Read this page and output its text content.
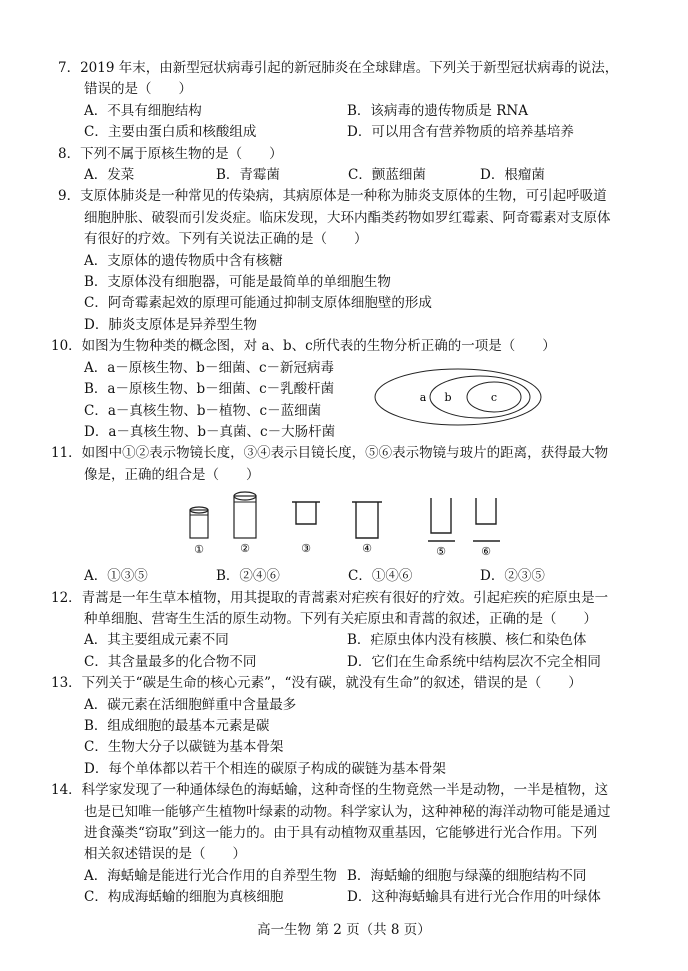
7．2019 年末，由新型冠状病毒引起的新冠肺炎在全球肆虐。下列关于新型冠状病毒的说法，
错误的是（　　）
A．不具有细胞结构	B．该病毒的遗传物质是 RNA
C．主要由蛋白质和核酸组成	D．可以用含有营养物质的培养基培养
8．下列不属于原核生物的是（　　）
A．发菜	B．青霉菌	C．颤蓝细菌	D．根瘤菌
9．支原体肺炎是一种常见的传染病，其病原体是一种称为肺炎支原体的生物，可引起呼吸道
细胞肿胀、破裂而引发炎症。临床发现，大环内酯类药物如罗红霉素、阿奇霉素对支原体
有很好的疗效。下列有关说法正确的是（　　）
A．支原体的遗传物质中含有核糖
B．支原体没有细胞器，可能是最简单的单细胞生物
C．阿奇霉素起效的原理可能通过抑制支原体细胞壁的形成
D．肺炎支原体是异养型生物
10．如图为生物种类的概念图，对 a、b、c所代表的生物分析正确的一项是（　　）
A．a－原核生物、b－细菌、c－新冠病毒
B．a－原核生物、b－细菌、c－乳酸杆菌
C．a－真核生物、b－植物、c－蓝细菌
D．a－真核生物、b－真菌、c－大肠杆菌
11．如图中①②表示物镜长度，③④表示目镜长度，⑤⑥表示物镜与玻片的距离，获得最大物
像是，正确的组合是（　　）
A．①③⑤	B．②④⑥	C．①④⑥	D．②③⑤
12．青蒿是一年生草本植物，用其提取的青蒿素对疟疾有很好的疗效。引起疟疾的疟原虫是一
种单细胞、营寄生生活的原生动物。下列有关疟原虫和青蒿的叙述，正确的是（　　）
A．其主要组成元素不同	B．疟原虫体内没有核膜、核仁和染色体
C．其含量最多的化合物不同	D．它们在生命系统中结构层次不完全相同
13．下列关于“碳是生命的核心元素”，“没有碳，就没有生命”的叙述，错误的是（　　）
A．碳元素在活细胞鲜重中含量最多
B．组成细胞的最基本元素是碳
C．生物大分子以碳链为基本骨架
D．每个单体都以若干个相连的碳原子构成的碳链为基本骨架
14．科学家发现了一种通体绿色的海蛞蝓，这种奇怪的生物竟然一半是动物，一半是植物，这
也是已知唯一能够产生植物叶绿素的动物。科学家认为，这种神秘的海洋动物可能是通过
进食藻类“窃取”到这一能力的。由于具有动植物双重基因，它能够进行光合作用。下列
相关叙述错误的是（　　）
A．海蛞蝓是能进行光合作用的自养型生物 B．海蛞蝓的细胞与绿藻的细胞结构不同
C．构成海蛞蝓的细胞为真核细胞	D．这种海蛞蝓具有进行光合作用的叶绿体
a b	c
①	②	③	④	⑤	⑥
高一生物 第 2 页（共 8 页）
